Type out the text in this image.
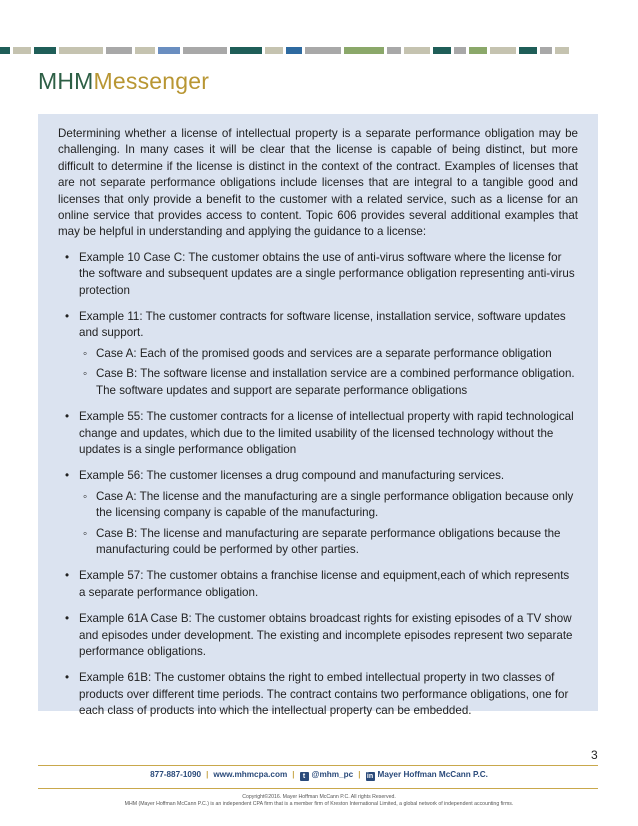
MHMMessenger

Determining whether a license of intellectual property is a separate performance obligation may be challenging. In many cases it will be clear that the license is capable of being distinct, but more difficult to determine if the license is distinct in the context of the contract. Examples of licenses that are not separate performance obligations include licenses that are integral to a tangible good and licenses that only provide a benefit to the customer with a related service, such as a license for an online service that provides access to content. Topic 606 provides several additional examples that may be helpful in understanding and applying the guidance to a license:

• Example 10 Case C: The customer obtains the use of anti-virus software where the license for the software and subsequent updates are a single performance obligation representing anti-virus protection
• Example 11: The customer contracts for software license, installation service, software updates and support.
◦ Case A: Each of the promised goods and services are a separate performance obligation
◦ Case B: The software license and installation service are a combined performance obligation. The software updates and support are separate performance obligations
• Example 55: The customer contracts for a license of intellectual property with rapid technological change and updates, which due to the limited usability of the licensed technology without the updates is a single performance obligation
• Example 56: The customer licenses a drug compound and manufacturing services.
◦ Case A: The license and the manufacturing are a single performance obligation because only the licensing company is capable of the manufacturing.
◦ Case B: The license and manufacturing are separate performance obligations because the manufacturing could be performed by other parties.
• Example 57: The customer obtains a franchise license and equipment,each of which represents a separate performance obligation.
• Example 61A Case B: The customer obtains broadcast rights for existing episodes of a TV show and episodes under development. The existing and incomplete episodes represent two separate performance obligations.
• Example 61B: The customer obtains the right to embed intellectual property in two classes of products over different time periods. The contract contains two performance obligations, one for each class of products into which the intellectual property can be embedded.
3
877-887-1090 | www.mhmcpa.com | t @mhm_pc | in Mayer Hoffman McCann P.C.
Copyright©2016. Mayer Hoffman McCann P.C. All rights Reserved.
MHM (Mayer Hoffman McCann P.C.) is an independent CPA firm that is a member firm of Kreston International Limited, a global network of independent accounting firms.
